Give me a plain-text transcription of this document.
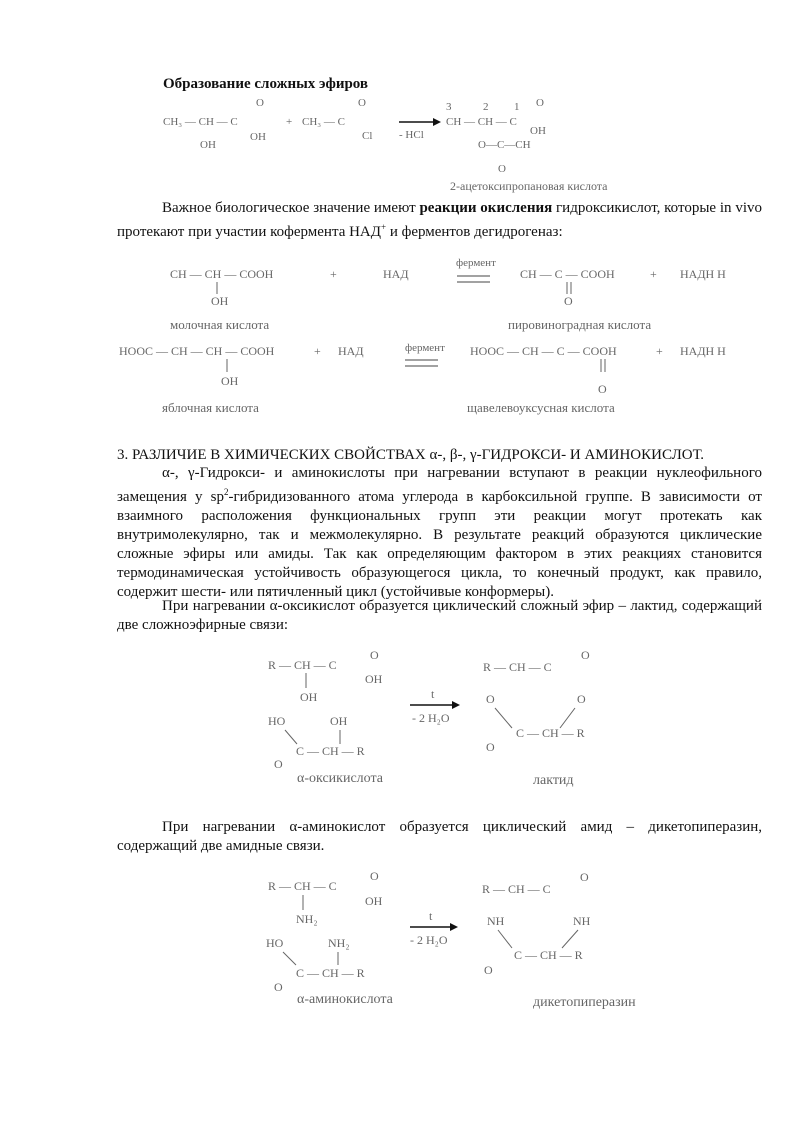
Образование сложных эфиров
CH₃ — CH — C
O
OH
OH
+ CH₃ — C
O
Cl - HCl
3	2 1
CH — CH — C
O
OH
O—C—CH
O
2-ацетоксипропановая кислота
Важное биологическое значение имеют реакции окисления гидроксикислот, которые in vivo протекают при участии кофермента НАД+ и ферментов дегидрогеназ:
CH — CH — COOH
OH
+	НАД
фермент
CH — C — COOH
O
+ НАДН Н
молочная кислота	пировиноградная кислота
HOOC — CH — CH — COOH
OH
+ НАД	фермент HOOC — CH — C — COOH
O
+ НАДН Н
яблочная кислота	щавелевоуксусная кислота
3. РАЗЛИЧИЕ В ХИМИЧЕСКИХ СВОЙСТВАХ α-, β-, γ-ГИДРОКСИ- И АМИНОКИСЛОТ.
α-, γ-Гидрокси- и аминокислоты при нагревании вступают в реакции нуклеофильного замещения у $sp^2$-гибридизованного атома углерода в карбоксильной группе. В зависимости от взаимного расположения функциональных групп эти реакции могут протекать как внутримолекулярно, так и межмолекулярно. В результате реакций образуются циклические сложные эфиры или амиды. Так как определяющим фактором в этих реакциях становится термодинамическая устойчивость образующегося цикла, то конечный продукт, как правило, содержит шести- или пятичленный цикл (устойчивые конформеры).
При нагревании α-оксикислот образуется циклический сложный эфир – лактид, содержащий две сложноэфирные связи:
R — CH — C
O
OH
OH
HO	OH
C — CH — R
O
t
- 2 H₂O
R — CH — C
O
O	O
C — CH — R
O
α-оксикислота	лактид
При нагревании α-аминокислот образуется циклический амид – дикетопиперазин, содержащий две амидные связи.
R — CH — C
O
OH
NH₂
HO	NH₂
C — CH — R
O
t
- 2 H₂O
R — CH — C
O
NH	NH
C — CH — R
O
α-аминокислота	дикетопиперазин
